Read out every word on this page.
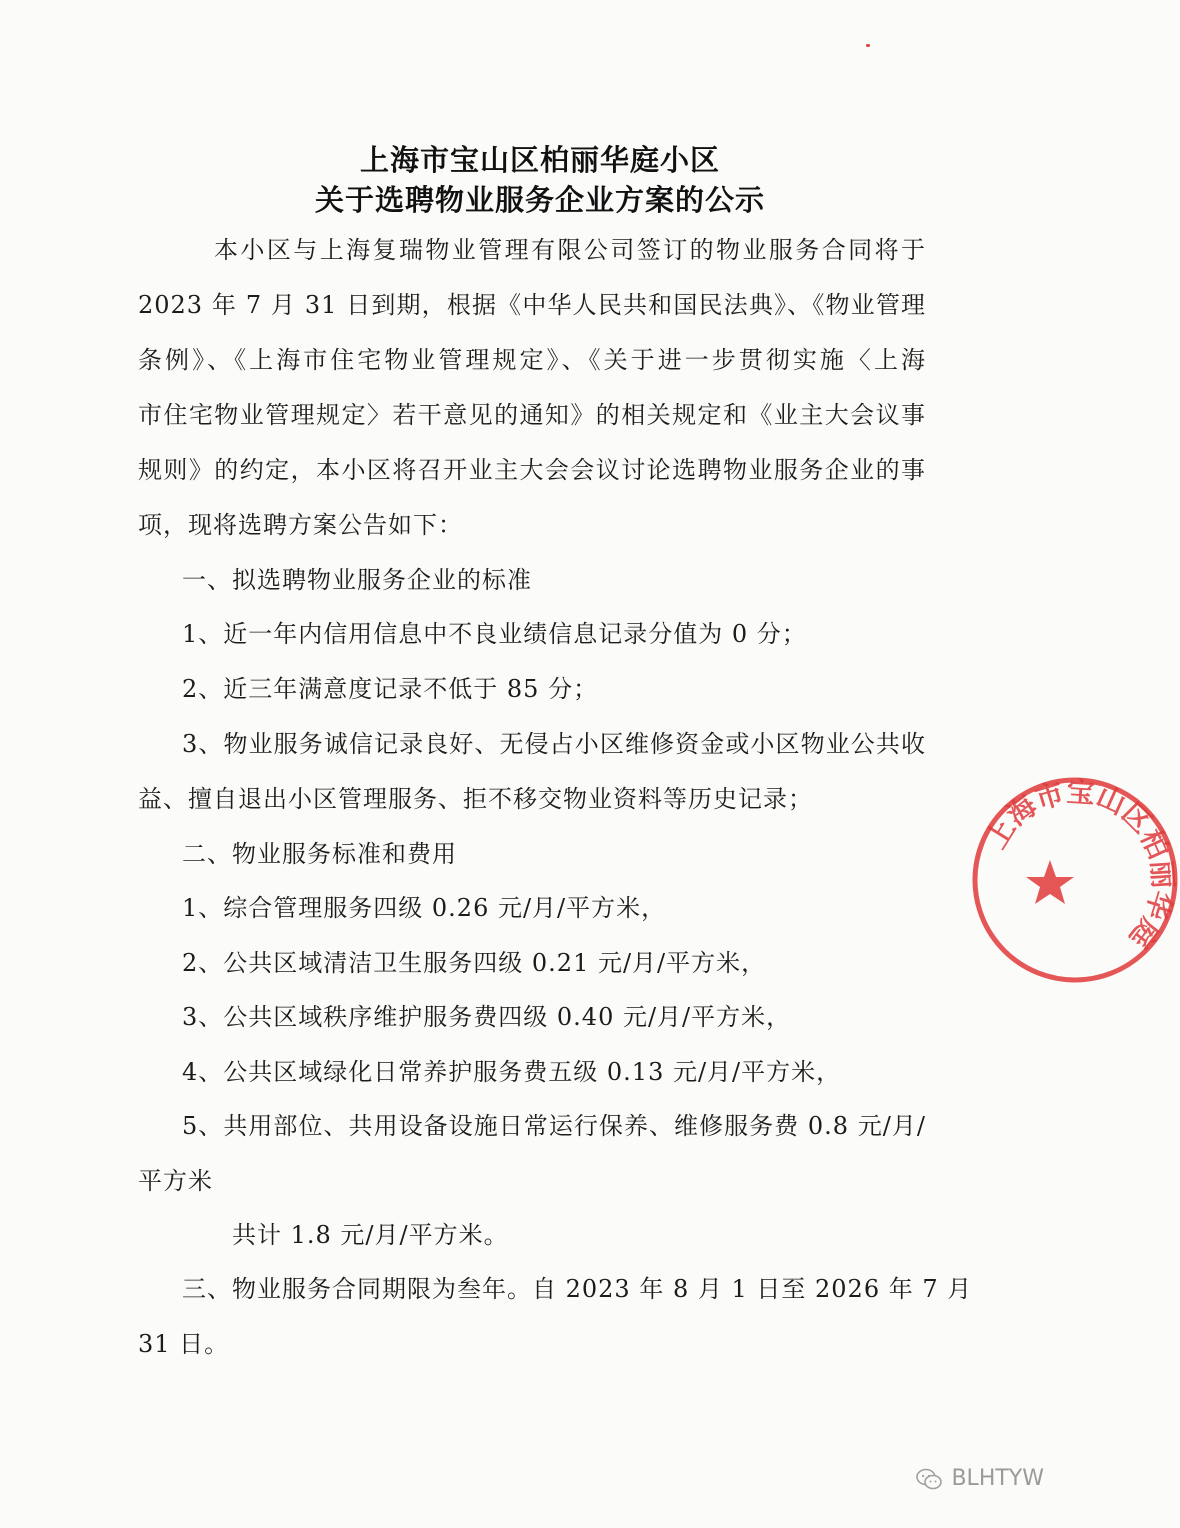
上海市宝山区柏丽华庭小区
关于选聘物业服务企业方案的公示
本小区与上海复瑞物业管理有限公司签订的物业服务合同将于
2023 年 7 月 31 日到期，根据《中华人民共和国民法典》、《物业管理
条例》、《上海市住宅物业管理规定》、《关于进一步贯彻实施〈上海
市住宅物业管理规定〉若干意见的通知》的相关规定和《业主大会议事
规则》的约定，本小区将召开业主大会会议讨论选聘物业服务企业的事
项，现将选聘方案公告如下：
一、拟选聘物业服务企业的标准
1、近一年内信用信息中不良业绩信息记录分值为 0 分；
2、近三年满意度记录不低于 85 分；
3、物业服务诚信记录良好、无侵占小区维修资金或小区物业公共收
益、擅自退出小区管理服务、拒不移交物业资料等历史记录；
二、物业服务标准和费用
1、综合管理服务四级 0.26 元/月/平方米，
2、公共区域清洁卫生服务四级 0.21 元/月/平方米，
3、公共区域秩序维护服务费四级 0.40 元/月/平方米，
4、公共区域绿化日常养护服务费五级 0.13 元/月/平方米，
5、共用部位、共用设备设施日常运行保养、维修服务费 0.8 元/月/
平方米
共计 1.8 元/月/平方米。
三、物业服务合同期限为叁年。自 2023 年 8 月 1 日至 2026 年 7 月
31 日。
上海市宝山区柏丽华庭
BLHTYW
